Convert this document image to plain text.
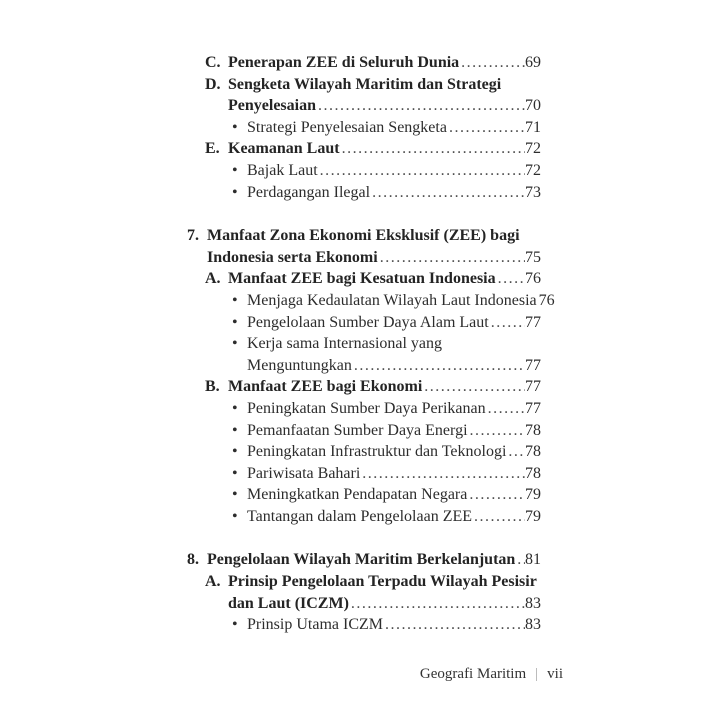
C. Penerapan ZEE di Seluruh Dunia .....	69
D. Sengketa Wilayah Maritim dan Strategi
Penyelesaian .....	70
• Strategi Penyelesaian Sengketa .....	71
E. Keamanan Laut .....	72
• Bajak Laut .....	72
• Perdagangan Ilegal .....	73
7. Manfaat Zona Ekonomi Eksklusif (ZEE) bagi
Indonesia serta Ekonomi .....	75
A. Manfaat ZEE bagi Kesatuan Indonesia ..... 76
• Menjaga Kedaulatan Wilayah Laut Indonesia 76
• Pengelolaan Sumber Daya Alam Laut ..... 77
• Kerja sama Internasional yang
Menguntungkan .....	77
B. Manfaat ZEE bagi Ekonomi .....	77
• Peningkatan Sumber Daya Perikanan ..... 77
• Pemanfaatan Sumber Daya Energi .....	78
• Peningkatan Infrastruktur dan Teknologi ..... 78
• Pariwisata Bahari .....	78
• Meningkatkan Pendapatan Negara .....	79
• Tantangan dalam Pengelolaan ZEE .....	79
8. Pengelolaan Wilayah Maritim Berkelanjutan ..... 81
A. Prinsip Pengelolaan Terpadu Wilayah Pesisir
dan Laut (ICZM) .....	83
• Prinsip Utama ICZM .....	83
Geografi Maritim | vii
